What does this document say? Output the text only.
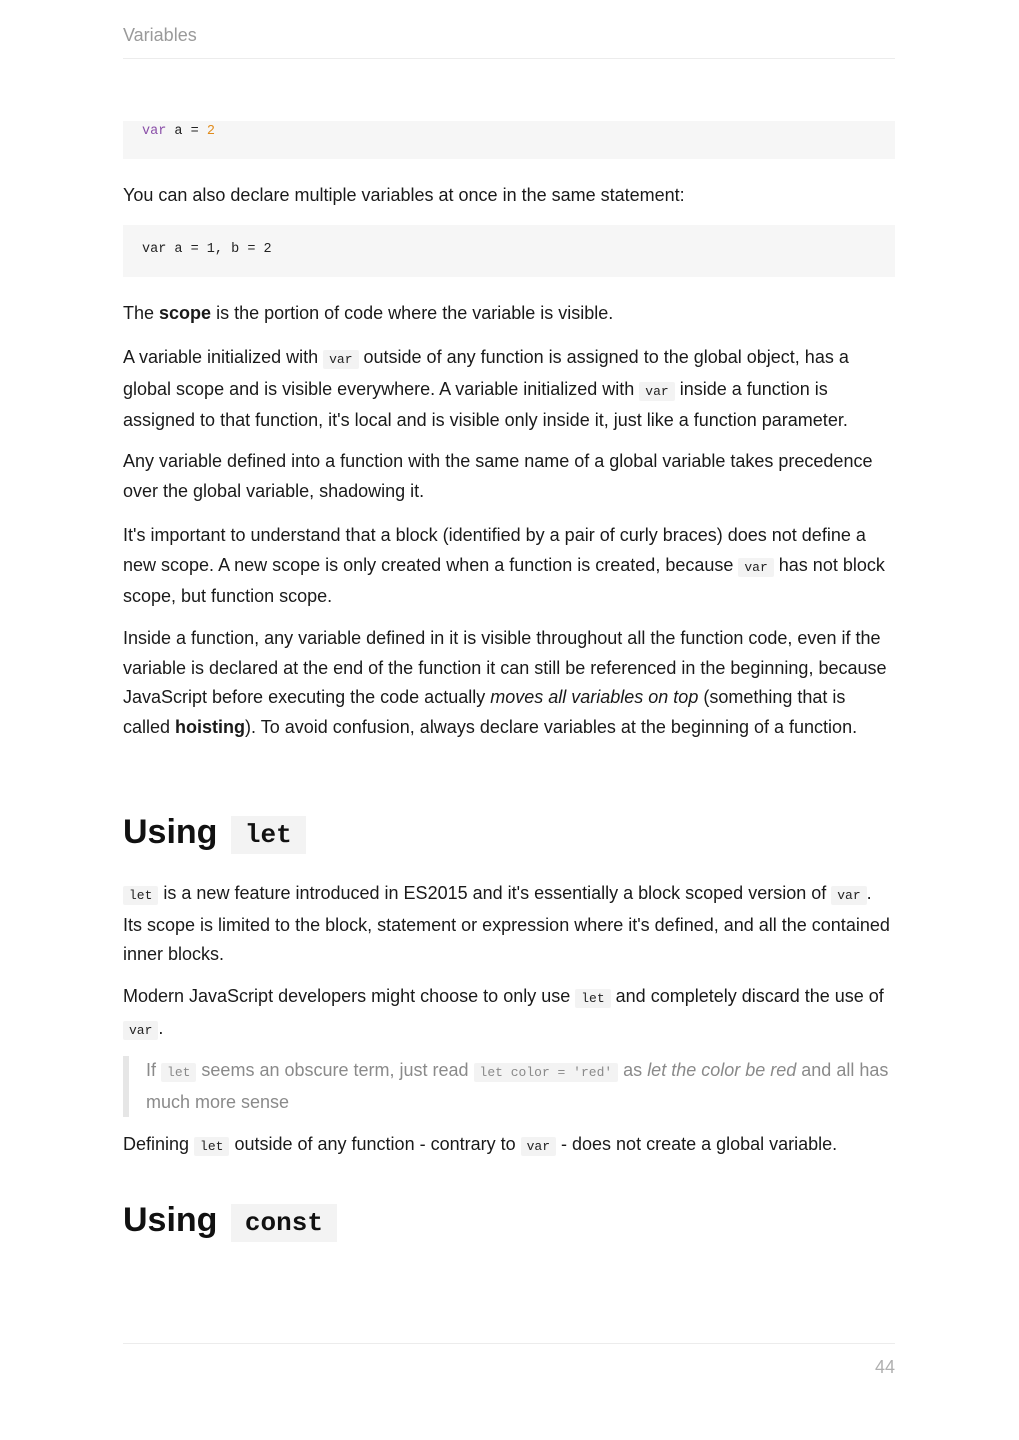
Variables
var a = 2

You can also declare multiple variables at once in the same statement:

var a = 1, b = 2

The scope is the portion of code where the variable is visible.

A variable initialized with var outside of any function is assigned to the global object, has a global scope and is visible everywhere. A variable initialized with var inside a function is assigned to that function, it's local and is visible only inside it, just like a function parameter.

Any variable defined into a function with the same name of a global variable takes precedence over the global variable, shadowing it.

It's important to understand that a block (identified by a pair of curly braces) does not define a new scope. A new scope is only created when a function is created, because var has not block scope, but function scope.

Inside a function, any variable defined in it is visible throughout all the function code, even if the variable is declared at the end of the function it can still be referenced in the beginning, because JavaScript before executing the code actually moves all variables on top (something that is called hoisting). To avoid confusion, always declare variables at the beginning of a function.

Using let

let is a new feature introduced in ES2015 and it's essentially a block scoped version of var . Its scope is limited to the block, statement or expression where it's defined, and all the contained inner blocks.

Modern JavaScript developers might choose to only use let and completely discard the use of var .

If let seems an obscure term, just read let color = 'red' as let the color be red and all has much more sense

Defining let outside of any function - contrary to var - does not create a global variable.

Using const
44
